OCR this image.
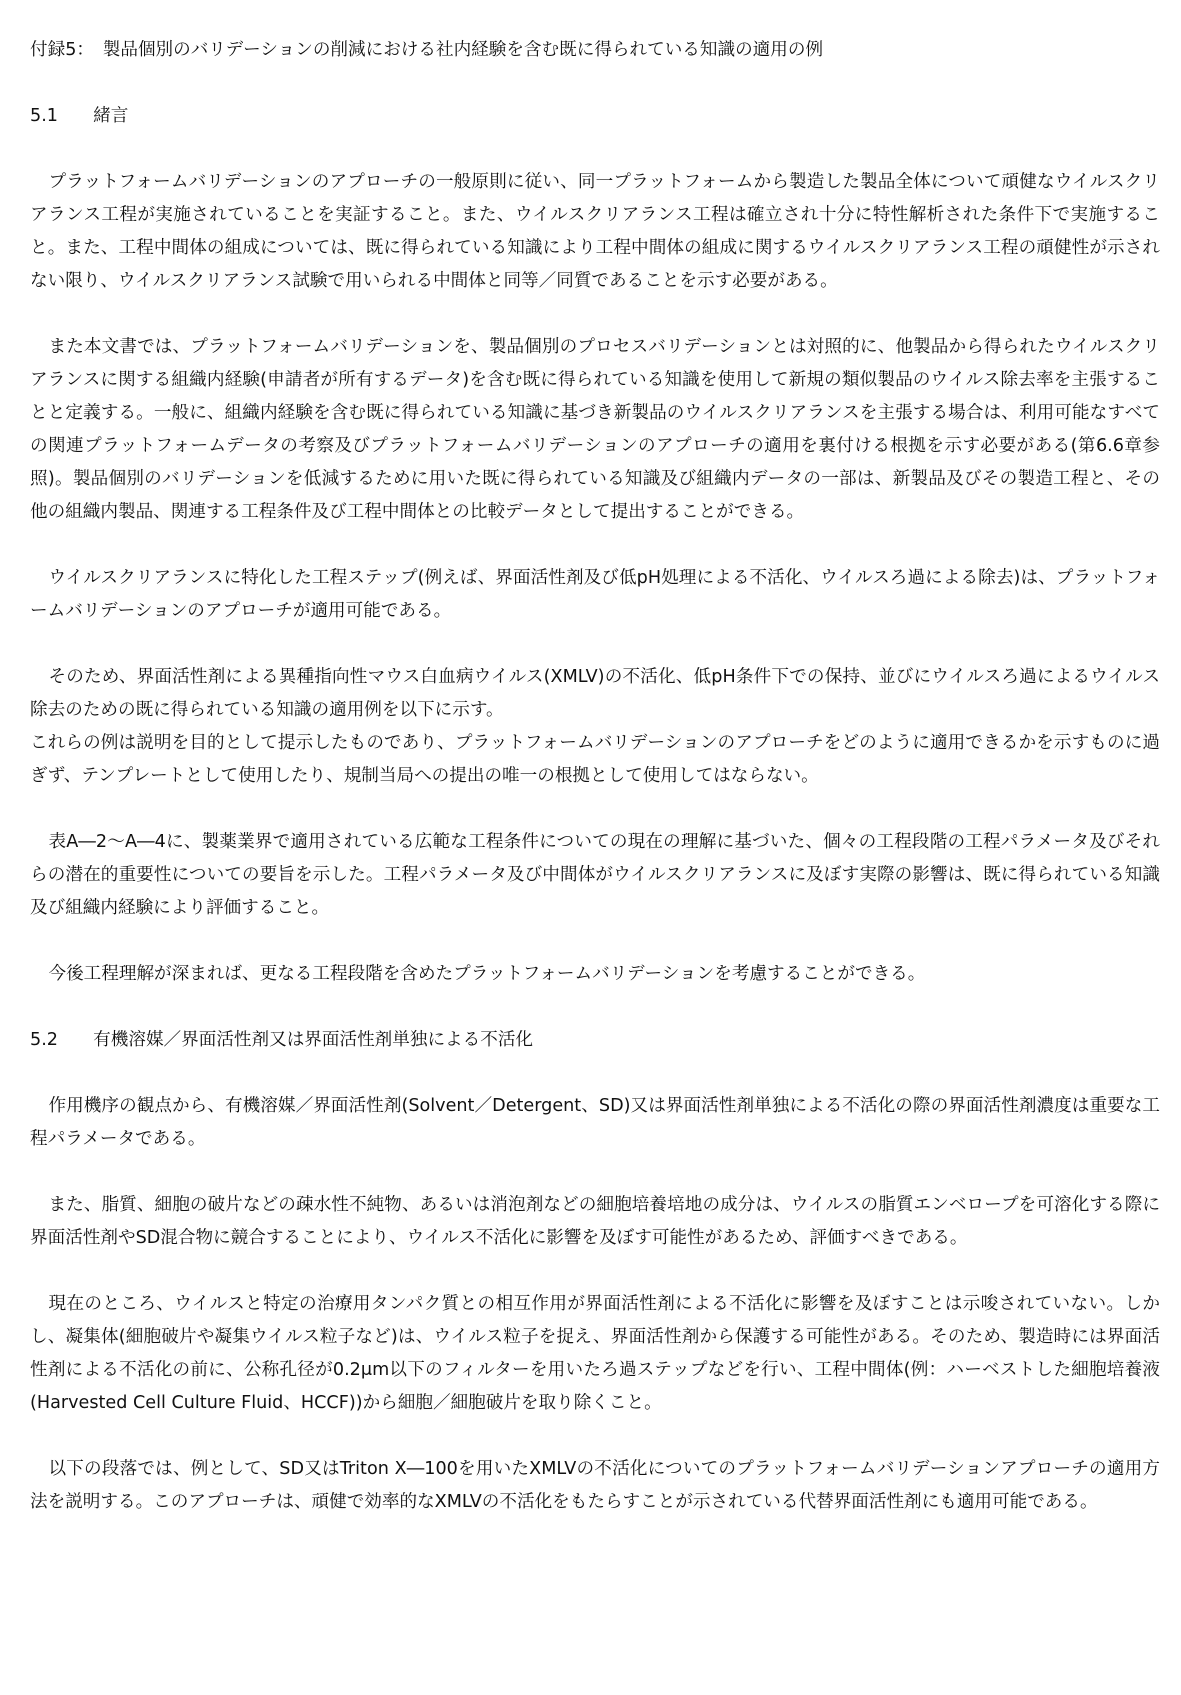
付録5：　製品個別のバリデーションの削減における社内経験を含む既に得られている知識の適用の例

5.1　　緒言

プラットフォームバリデーションのアプローチの一般原則に従い、同一プラットフォームから製造した製品全体について頑健なウイルスクリアランス工程が実施されていることを実証すること。また、ウイルスクリアランス工程は確立され十分に特性解析された条件下で実施すること。また、工程中間体の組成については、既に得られている知識により工程中間体の組成に関するウイルスクリアランス工程の頑健性が示されない限り、ウイルスクリアランス試験で用いられる中間体と同等／同質であることを示す必要がある。

また本文書では、プラットフォームバリデーションを、製品個別のプロセスバリデーションとは対照的に、他製品から得られたウイルスクリアランスに関する組織内経験(申請者が所有するデータ)を含む既に得られている知識を使用して新規の類似製品のウイルス除去率を主張することと定義する。一般に、組織内経験を含む既に得られている知識に基づき新製品のウイルスクリアランスを主張する場合は、利用可能なすべての関連プラットフォームデータの考察及びプラットフォームバリデーションのアプローチの適用を裏付ける根拠を示す必要がある(第6.6章参照)。製品個別のバリデーションを低減するために用いた既に得られている知識及び組織内データの一部は、新製品及びその製造工程と、その他の組織内製品、関連する工程条件及び工程中間体との比較データとして提出することができる。

ウイルスクリアランスに特化した工程ステップ(例えば、界面活性剤及び低pH処理による不活化、ウイルスろ過による除去)は、プラットフォームバリデーションのアプローチが適用可能である。

そのため、界面活性剤による異種指向性マウス白血病ウイルス(XMLV)の不活化、低pH条件下での保持、並びにウイルスろ過によるウイルス除去のための既に得られている知識の適用例を以下に示す。

これらの例は説明を目的として提示したものであり、プラットフォームバリデーションのアプローチをどのように適用できるかを示すものに過ぎず、テンプレートとして使用したり、規制当局への提出の唯一の根拠として使用してはならない。

表A―2～A―4に、製薬業界で適用されている広範な工程条件についての現在の理解に基づいた、個々の工程段階の工程パラメータ及びそれらの潜在的重要性についての要旨を示した。工程パラメータ及び中間体がウイルスクリアランスに及ぼす実際の影響は、既に得られている知識及び組織内経験により評価すること。

今後工程理解が深まれば、更なる工程段階を含めたプラットフォームバリデーションを考慮することができる。

5.2　　有機溶媒／界面活性剤又は界面活性剤単独による不活化

作用機序の観点から、有機溶媒／界面活性剤(Solvent／Detergent、SD)又は界面活性剤単独による不活化の際の界面活性剤濃度は重要な工程パラメータである。

また、脂質、細胞の破片などの疎水性不純物、あるいは消泡剤などの細胞培養培地の成分は、ウイルスの脂質エンベロープを可溶化する際に界面活性剤やSD混合物に競合することにより、ウイルス不活化に影響を及ぼす可能性があるため、評価すべきである。

現在のところ、ウイルスと特定の治療用タンパク質との相互作用が界面活性剤による不活化に影響を及ぼすことは示唆されていない。しかし、凝集体(細胞破片や凝集ウイルス粒子など)は、ウイルス粒子を捉え、界面活性剤から保護する可能性がある。そのため、製造時には界面活性剤による不活化の前に、公称孔径が0.2μm以下のフィルターを用いたろ過ステップなどを行い、工程中間体(例：ハーベストした細胞培養液(Harvested Cell Culture Fluid、HCCF))から細胞／細胞破片を取り除くこと。

以下の段落では、例として、SD又はTriton X―100を用いたXMLVの不活化についてのプラットフォームバリデーションアプローチの適用方法を説明する。このアプローチは、頑健で効率的なXMLVの不活化をもたらすことが示されている代替界面活性剤にも適用可能である。
